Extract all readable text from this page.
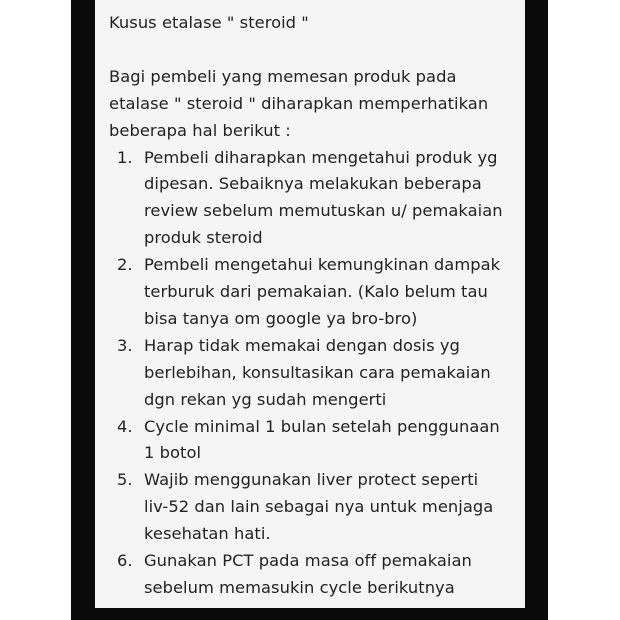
Kusus etalase " steroid "

Bagi pembeli yang memesan produk pada

etalase " steroid " diharapkan memperhatikan

beberapa hal berikut :

1. Pembeli diharapkan mengetahui produk yg

dipesan. Sebaiknya melakukan beberapa

review sebelum memutuskan u/ pemakaian

produk steroid

2. Pembeli mengetahui kemungkinan dampak

terburuk dari pemakaian. (Kalo belum tau

bisa tanya om google ya bro-bro)

3. Harap tidak memakai dengan dosis yg

berlebihan, konsultasikan cara pemakaian

dgn rekan yg sudah mengerti

4. Cycle minimal 1 bulan setelah penggunaan

1 botol

5. Wajib menggunakan liver protect seperti

liv-52 dan lain sebagai nya untuk menjaga

kesehatan hati.

6. Gunakan PCT pada masa off pemakaian

sebelum memasukin cycle berikutnya
